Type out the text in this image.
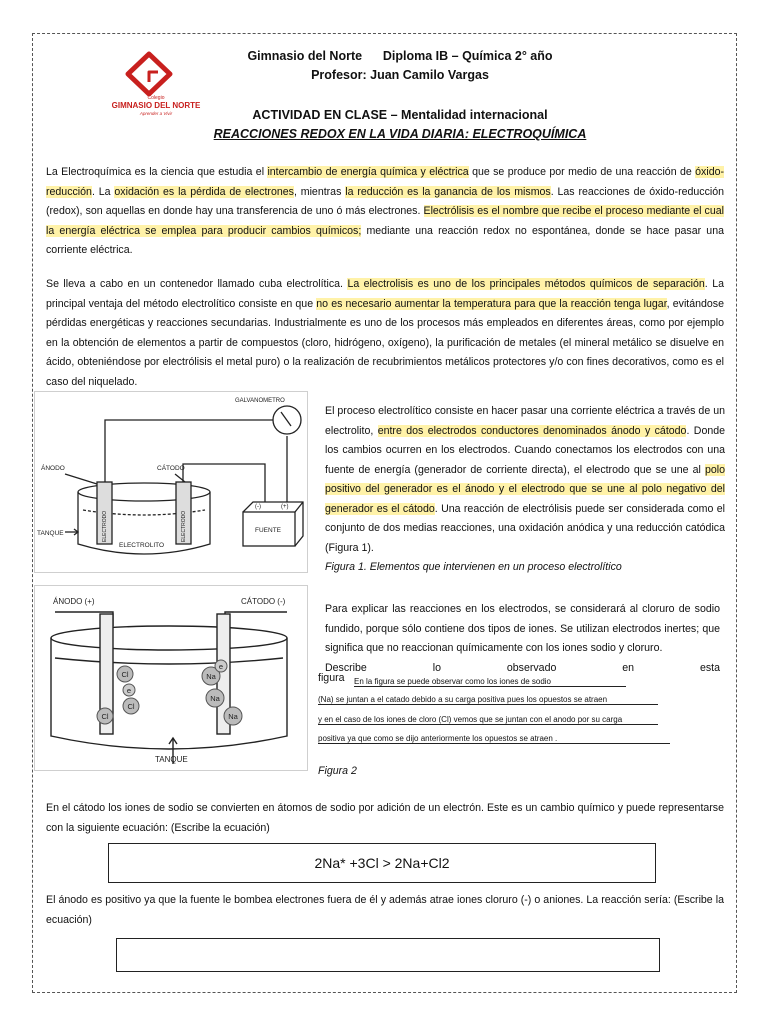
Colegio
GIMNASIO DEL NORTE
Aprender a Vivir
Gimnasio del Norte      Diploma IB – Química 2° año
Profesor: Juan Camilo Vargas
ACTIVIDAD EN CLASE – Mentalidad internacional
REACCIONES REDOX EN LA VIDA DIARIA: ELECTROQUÍMICA
La Electroquímica es la ciencia que estudia el intercambio de energía química y eléctrica que se produce por medio de una reacción de óxido-reducción. La oxidación es la pérdida de electrones, mientras la reducción es la ganancia de los mismos. Las reacciones de óxido-reducción (redox), son aquellas en donde hay una transferencia de uno ó más electrones. Electrólisis es el nombre que recibe el proceso mediante el cual la energía eléctrica se emplea para producir cambios químicos; mediante una reacción redox no espontánea, donde se hace pasar una corriente eléctrica.
Se lleva a cabo en un contenedor llamado cuba electrolítica. La electrolisis es uno de los principales métodos químicos de separación. La principal ventaja del método electrolítico consiste en que no es necesario aumentar la temperatura para que la reacción tenga lugar, evitándose pérdidas energéticas y reacciones secundarias. Industrialmente es uno de los procesos más empleados en diferentes áreas, como por ejemplo en la obtención de elementos a partir de compuestos (cloro, hidrógeno, oxígeno), la purificación de metales (el mineral metálico se disuelve en ácido, obteniéndose por electrólisis el metal puro) o la realización de recubrimientos metálicos protectores y/o con fines decorativos, como es el caso del niquelado.
GALVANOMETRO
ÁNODO	CÁTODO
TANQUE
ELECTROLITO
ELECTRODO	ELECTRODO	FUENTE
(-)	(+)
El proceso electrolítico consiste en hacer pasar una corriente eléctrica a través de un electrolito, entre dos electrodos conductores denominados ánodo y cátodo. Donde los cambios ocurren en los electrodos. Cuando conectamos los electrodos con una fuente de energía (generador de corriente directa), el electrodo que se une al polo positivo del generador es el ánodo y el electrodo que se une al polo negativo del generador es el cátodo. Una reacción de electrólisis puede ser considerada como el conjunto de dos medias reacciones, una oxidación anódica y una reducción catódica (Figura 1).
Figura 1. Elementos que intervienen en un proceso electrolítico
Cl
e
Cl
Cl
Na
e
Na
Na
ÁNODO (+)	CÁTODO (-)
TANQUE
Para explicar las reacciones en los electrodos, se considerará al cloruro de sodio fundido, porque sólo contiene dos tipos de iones. Se utilizan electrodos inertes; que significa que no reaccionan químicamente con los iones sodio y cloruro.
Describe	lo	observado	en	esta
figura En la figura se puede observar como los iones de sodio
(Na) se juntan a el catado debido a su carga positiva pues los opuestos se atraen
y en el caso de los iones de cloro (Cl) vemos que se juntan con el anodo por su carga
positiva ya que como se dijo anteriormente los opuestos se atraen .
Figura 2
En el cátodo los iones de sodio se convierten en átomos de sodio por adición de un electrón. Este es un cambio químico y puede representarse con la siguiente ecuación: (Escribe la ecuación)
2Na* +3Cl > 2Na+Cl2
El ánodo es positivo ya que la fuente le bombea electrones fuera de él y además atrae iones cloruro (-) o aniones. La reacción sería: (Escribe la ecuación)
